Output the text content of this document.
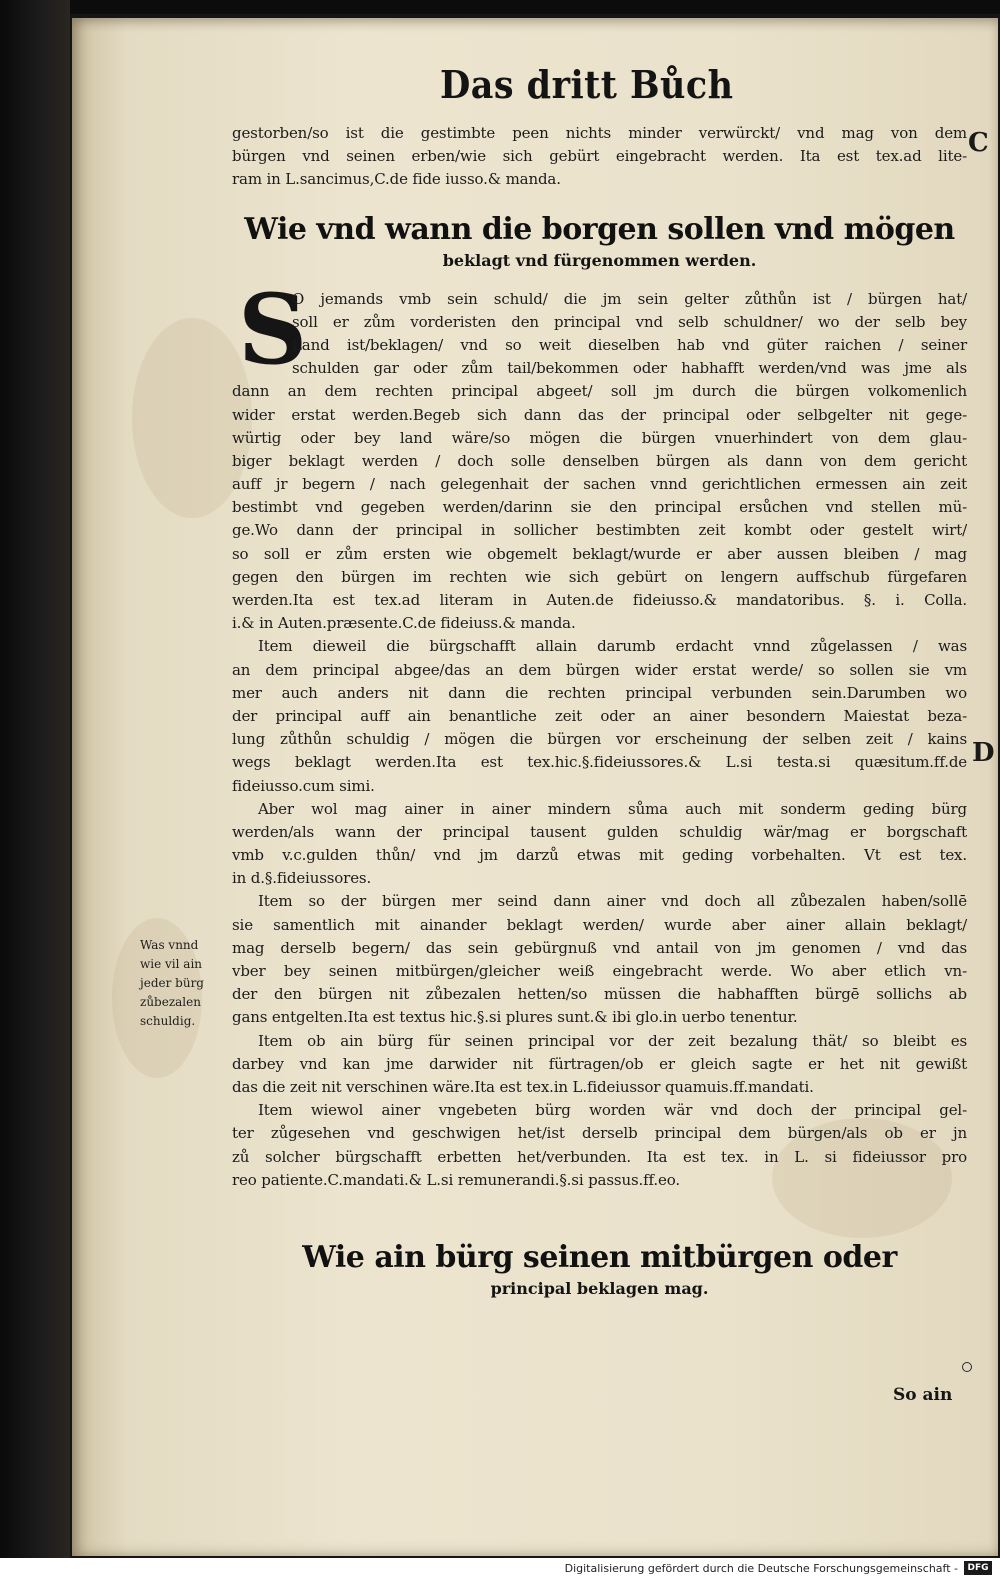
Das dritt Bůch
C
D
gestorben/so ist die gestimbte peen nichts minder verwürckt/ vnd mag von dem
bürgen vnd seinen erben/wie sich gebürt eingebracht werden. Ita est tex.ad lite-
ram in L.sancimus,C.de fide iusso.& manda.
Wie vnd wann die borgen sollen vnd mögen
beklagt vnd fürgenommen werden.
S
O jemands vmb sein schuld/ die jm sein gelter zůthůn ist / bürgen hat/
soll er zům vorderisten den principal vnd selb schuldner/ wo der selb bey
Land ist/beklagen/ vnd so weit dieselben hab vnd güter raichen / seiner
schulden gar oder zům tail/bekommen oder habhafft werden/vnd was jme als
dann an dem rechten principal abgeet/ soll jm durch die bürgen volkomenlich
wider erstat werden.Begeb sich dann das der principal oder selbgelter nit gege-
würtig oder bey land wäre/so mögen die bürgen vnuerhindert von dem glau-
biger beklagt werden / doch solle denselben bürgen als dann von dem gericht
auff jr begern / nach gelegenhait der sachen vnnd gerichtlichen ermessen ain zeit
bestimbt vnd gegeben werden/darinn sie den principal ersůchen vnd stellen mü-
ge.Wo dann der principal in sollicher bestimbten zeit kombt oder gestelt wirt/
so soll er zům ersten wie obgemelt beklagt/wurde er aber aussen bleiben / mag
gegen den bürgen im rechten wie sich gebürt on lengern auffschub fürgefaren
werden.Ita est tex.ad literam in Auten.de fideiusso.& mandatoribus. §. i. Colla.
i.& in Auten.præsente.C.de fideiuss.& manda.
Item dieweil die bürgschafft allain darumb erdacht vnnd zůgelassen / was
an dem principal abgee/das an dem bürgen wider erstat werde/ so sollen sie vm
mer auch anders nit dann die rechten principal verbunden sein.Darumben wo
der principal auff ain benantliche zeit oder an ainer besondern Maiestat beza-
lung zůthůn schuldig / mögen die bürgen vor erscheinung der selben zeit / kains
wegs beklagt werden.Ita est tex.hic.§.fideiussores.& L.si testa.si quæsitum.ff.de
fideiusso.cum simi.
Aber wol mag ainer in ainer mindern sůma auch mit sonderm geding bürg
werden/als wann der principal tausent gulden schuldig wär/mag er borgschaft
vmb v.c.gulden thůn/ vnd jm darzů etwas mit geding vorbehalten. Vt est tex.
in d.§.fideiussores.
Item so der bürgen mer seind dann ainer vnd doch all zůbezalen haben/sollē
sie samentlich mit ainander beklagt werden/ wurde aber ainer allain beklagt/
mag derselb begern/ das sein gebürgnuß vnd antail von jm genomen / vnd das
vber bey seinen mitbürgen/gleicher weiß eingebracht werde. Wo aber etlich vn-
der den bürgen nit zůbezalen hetten/so müssen die habhafften bürgē sollichs ab
gans entgelten.Ita est textus hic.§.si plures sunt.& ibi glo.in uerbo tenentur.
Item ob ain bürg für seinen principal vor der zeit bezalung thät/ so bleibt es
darbey vnd kan jme darwider nit fürtragen/ob er gleich sagte er het nit gewißt
das die zeit nit verschinen wäre.Ita est tex.in L.fideiussor quamuis.ff.mandati.
Item wiewol ainer vngebeten bürg worden wär vnd doch der principal gel-
ter zůgesehen vnd geschwigen het/ist derselb principal dem bürgen/als ob er jn
zů solcher bürgschafft erbetten het/verbunden. Ita est tex. in L. si fideiussor pro
reo patiente.C.mandati.& L.si remunerandi.§.si passus.ff.eo.
Wie ain bürg seinen mitbürgen oder
principal beklagen mag.
Was vnnd
wie vil ain
jeder bürg
zůbezalen
schuldig.
So ain
Digitalisierung gefördert durch die Deutsche Forschungsgemeinschaft -	DFG
